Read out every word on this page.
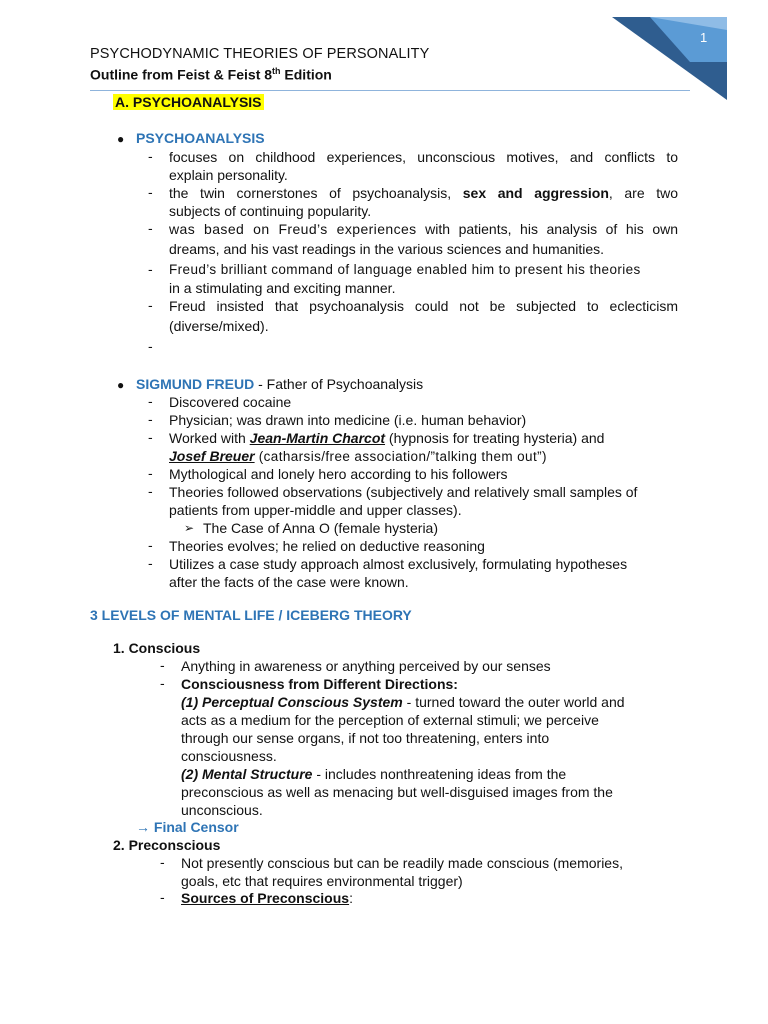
1
PSYCHODYNAMIC THEORIES OF PERSONALITY
Outline from Feist & Feist 8th Edition
A. PSYCHOANALYSIS
● PSYCHOANALYSIS
- focuses on childhood experiences, unconscious motives, and conflicts to
explain personality.
- the twin cornerstones of psychoanalysis, sex and aggression, are two
subjects of continuing popularity.
- was based on Freud’s experiences with patients, his analysis of his own
dreams, and his vast readings in the various sciences and humanities.
- Freud’s brilliant command of language enabled him to present his theories
in a stimulating and exciting manner.
- Freud insisted that psychoanalysis could not be subjected to eclecticism
(diverse/mixed).
-
● SIGMUND FREUD - Father of Psychoanalysis
- Discovered cocaine
- Physician; was drawn into medicine (i.e. human behavior)
- Worked with Jean-Martin Charcot (hypnosis for treating hysteria) and
Josef Breuer (catharsis/free association/”talking them out”)
- Mythological and lonely hero according to his followers
- Theories followed observations (subjectively and relatively small samples of
patients from upper-middle and upper classes).
➢ The Case of Anna O (female hysteria)
- Theories evolves; he relied on deductive reasoning
- Utilizes a case study approach almost exclusively, formulating hypotheses
after the facts of the case were known.
3 LEVELS OF MENTAL LIFE / ICEBERG THEORY
1. Conscious
- Anything in awareness or anything perceived by our senses
- Consciousness from Different Directions:
(1) Perceptual Conscious System - turned toward the outer world and
acts as a medium for the perception of external stimuli; we perceive
through our sense organs, if not too threatening, enters into
consciousness.
(2) Mental Structure - includes nonthreatening ideas from the
preconscious as well as menacing but well-disguised images from the
unconscious.
→ Final Censor
2. Preconscious
- Not presently conscious but can be readily made conscious (memories,
goals, etc that requires environmental trigger)
- Sources of Preconscious:
